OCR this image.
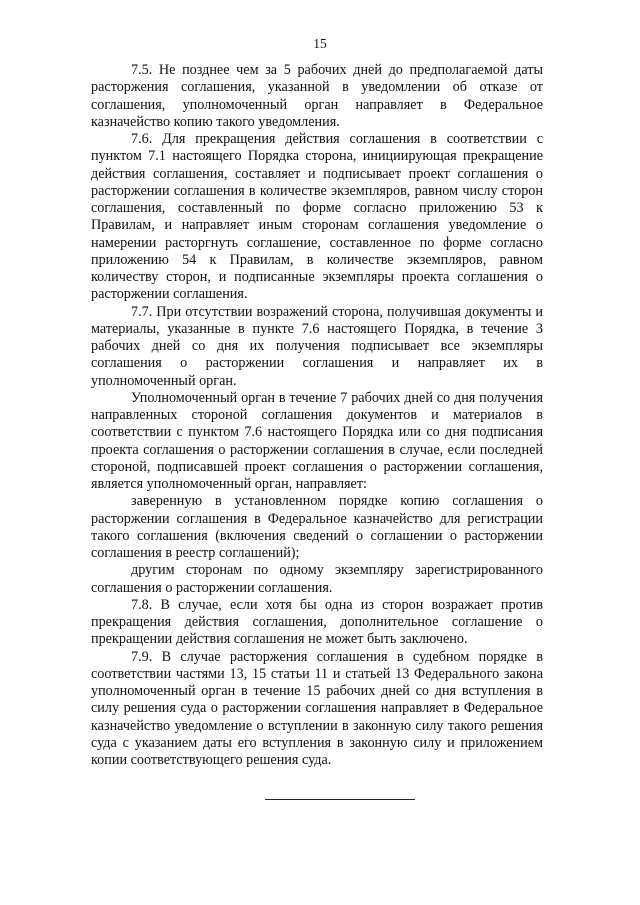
15

7.5. Не позднее чем за 5 рабочих дней до предполагаемой даты расторжения соглашения, указанной в уведомлении об отказе от соглашения, уполномоченный орган направляет в Федеральное казначейство копию такого уведомления.

7.6. Для прекращения действия соглашения в соответствии с пунктом 7.1 настоящего Порядка сторона, инициирующая прекращение действия соглашения, составляет и подписывает проект соглашения о расторжении соглашения в количестве экземпляров, равном числу сторон соглашения, составленный по форме согласно приложению 53 к Правилам, и направляет иным сторонам соглашения уведомление о намерении расторгнуть соглашение, составленное по форме согласно приложению 54 к Правилам, в количестве экземпляров, равном количеству сторон, и подписанные экземпляры проекта соглашения о расторжении соглашения.

7.7. При отсутствии возражений сторона, получившая документы и материалы, указанные в пункте 7.6 настоящего Порядка, в течение 3 рабочих дней со дня их получения подписывает все экземпляры соглашения о расторжении соглашения и направляет их в уполномоченный орган.

Уполномоченный орган в течение 7 рабочих дней со дня получения направленных стороной соглашения документов и материалов в соответствии с пунктом 7.6 настоящего Порядка или со дня подписания проекта соглашения о расторжении соглашения в случае, если последней стороной, подписавшей проект соглашения о расторжении соглашения, является уполномоченный орган, направляет:

заверенную в установленном порядке копию соглашения о расторжении соглашения в Федеральное казначейство для регистрации такого соглашения (включения сведений о соглашении о расторжении соглашения в реестр соглашений);

другим сторонам по одному экземпляру зарегистрированного соглашения о расторжении соглашения.

7.8. В случае, если хотя бы одна из сторон возражает против прекращения действия соглашения, дополнительное соглашение о прекращении действия соглашения не может быть заключено.

7.9. В случае расторжения соглашения в судебном порядке в соответствии частями 13, 15 статьи 11 и статьей 13 Федерального закона уполномоченный орган в течение 15 рабочих дней со дня вступления в силу решения суда о расторжении соглашения направляет в Федеральное казначейство уведомление о вступлении в законную силу такого решения суда с указанием даты его вступления в законную силу и приложением копии соответствующего решения суда.
